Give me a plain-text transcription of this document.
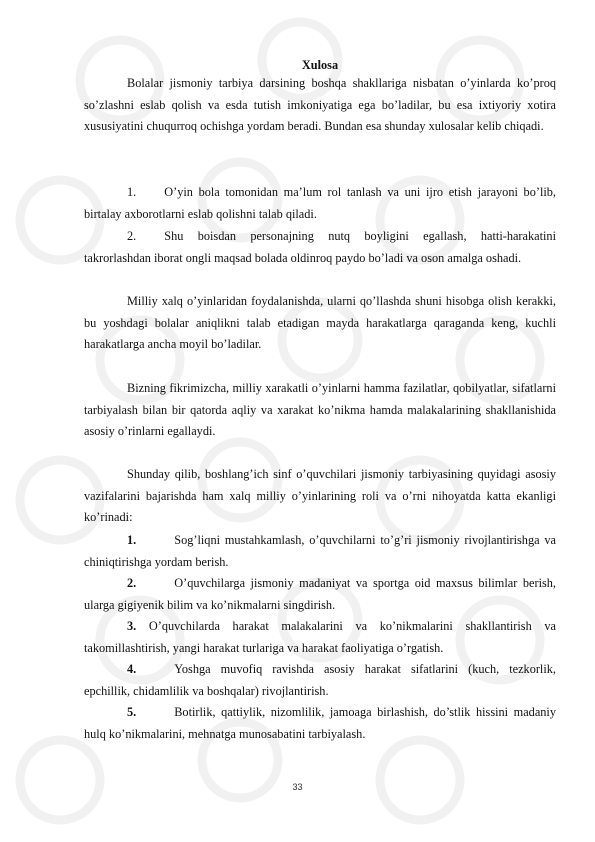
Xulosa

Bolalar jismoniy tarbiya darsining boshqa shakllariga nisbatan o’yinlarda ko’proq so’zlashni eslab qolish va esda tutish imkoniyatiga ega bo’ladilar, bu esa ixtiyoriy xotira xususiyatini chuqurroq ochishga yordam beradi. Bundan esa shunday xulosalar kelib chiqadi.

1. O’yin bola tomonidan ma’lum rol tanlash va uni ijro etish jarayoni bo’lib, birtalay axborotlarni eslab qolishni talab qiladi.

2. Shu boisdan personajning nutq boyligini egallash, hatti-harakatini takrorlashdan iborat ongli maqsad bolada oldinroq paydo bo’ladi va oson amalga oshadi.

Milliy xalq o’yinlaridan foydalanishda, ularni qo’llashda shuni hisobga olish kerakki, bu yoshdagi bolalar aniqlikni talab etadigan mayda harakatlarga qaraganda keng, kuchli harakatlarga ancha moyil bo’ladilar.

Bizning fikrimizcha, milliy xarakatli o’yinlarni hamma fazilatlar, qobilyatlar, sifatlarni tarbiyalash bilan bir qatorda aqliy va xarakat ko’nikma hamda malakalarining shakllanishida asosiy o’rinlarni egallaydi.

Shunday qilib, boshlang’ich sinf o’quvchilari jismoniy tarbiyasining quyidagi asosiy vazifalarini bajarishda ham xalq milliy o’yinlarining roli va o’rni nihoyatda katta ekanligi ko’rinadi:

1.	Sog’liqni mustahkamlash, o’quvchilarni to’g’ri jismoniy rivojlantirishga va chiniqtirishga yordam berish.

2.	O’quvchilarga jismoniy madaniyat va sportga oid maxsus bilimlar berish, ularga gigiyenik bilim va ko’nikmalarni singdirish.

3. O’quvchilarda harakat malakalarini va ko’nikmalarini shakllantirish va takomillashtirish, yangi harakat turlariga va harakat faoliyatiga o’rgatish.

4.	Yoshga muvofiq ravishda asosiy harakat sifatlarini (kuch, tezkorlik, epchillik, chidamlilik va boshqalar) rivojlantirish.

5.	Botirlik, qattiylik, nizomlilik, jamoaga birlashish, do’stlik hissini madaniy hulq ko’nikmalarini, mehnatga munosabatini tarbiyalash.

33
